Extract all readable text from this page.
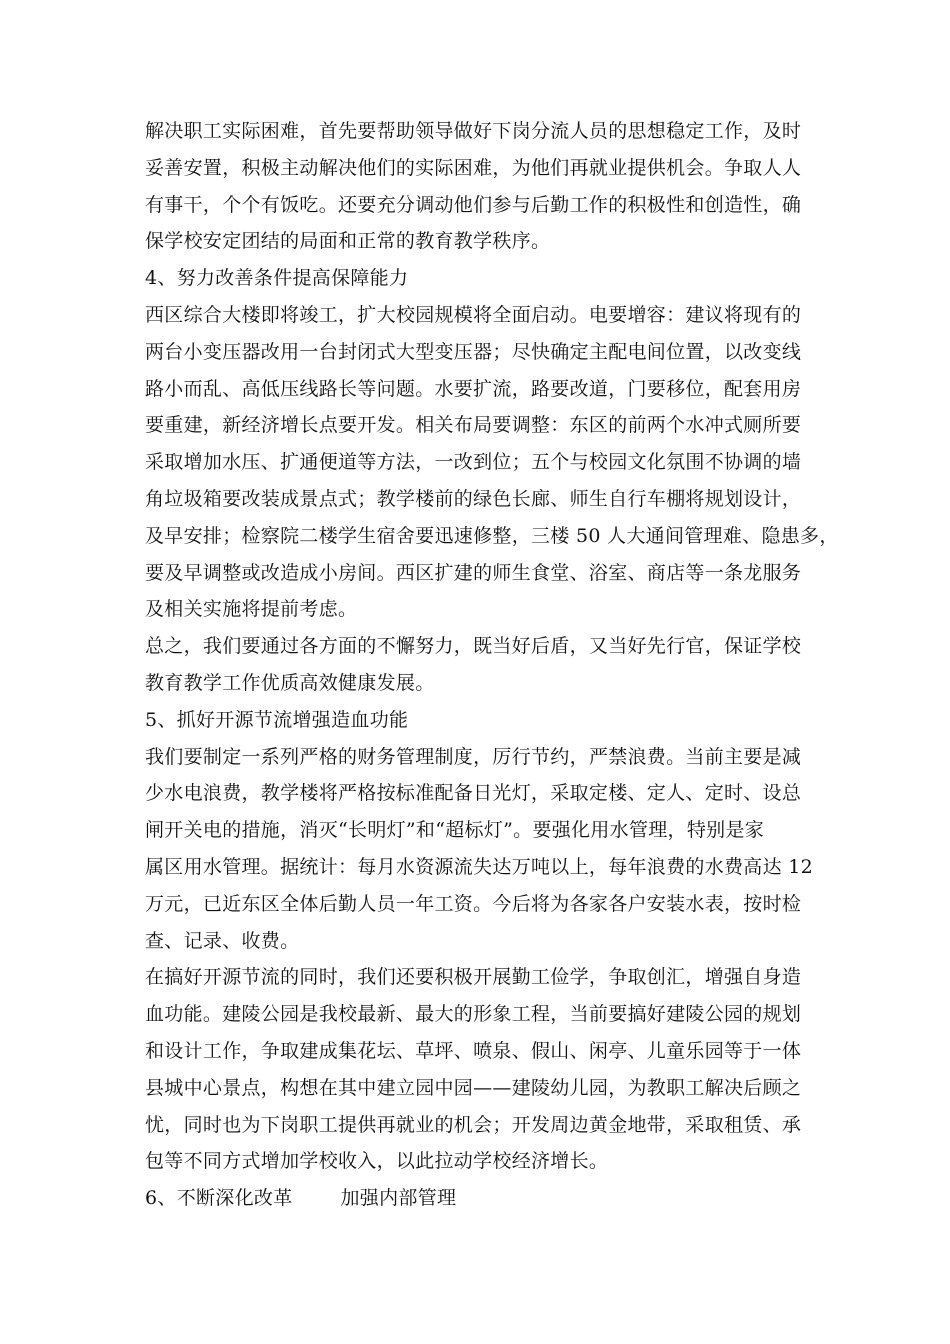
解决职工实际困难，首先要帮助领导做好下岗分流人员的思想稳定工作，及时
妥善安置，积极主动解决他们的实际困难，为他们再就业提供机会。争取人人
有事干，个个有饭吃。还要充分调动他们参与后勤工作的积极性和创造性，确
保学校安定团结的局面和正常的教育教学秩序。
4、努力改善条件提高保障能力
西区综合大楼即将竣工，扩大校园规模将全面启动。电要增容：建议将现有的
两台小变压器改用一台封闭式大型变压器；尽快确定主配电间位置，以改变线
路小而乱、高低压线路长等问题。水要扩流，路要改道，门要移位，配套用房
要重建，新经济增长点要开发。相关布局要调整：东区的前两个水冲式厕所要
采取增加水压、扩通便道等方法，一改到位；五个与校园文化氛围不协调的墙
角垃圾箱要改装成景点式；教学楼前的绿色长廊、师生自行车棚将规划设计，
及早安排；检察院二楼学生宿舍要迅速修整，三楼 50 人大通间管理难、隐患多，
要及早调整或改造成小房间。西区扩建的师生食堂、浴室、商店等一条龙服务
及相关实施将提前考虑。
总之，我们要通过各方面的不懈努力，既当好后盾，又当好先行官，保证学校
教育教学工作优质高效健康发展。
5、抓好开源节流增强造血功能
我们要制定一系列严格的财务管理制度，厉行节约，严禁浪费。当前主要是减
少水电浪费，教学楼将严格按标准配备日光灯，采取定楼、定人、定时、设总
闸开关电的措施，消灭“长明灯”和“超标灯”。要强化用水管理，特别是家
属区用水管理。据统计：每月水资源流失达万吨以上，每年浪费的水费高达 12
万元，已近东区全体后勤人员一年工资。今后将为各家各户安装水表，按时检
查、记录、收费。
在搞好开源节流的同时，我们还要积极开展勤工俭学，争取创汇，增强自身造
血功能。建陵公园是我校最新、最大的形象工程，当前要搞好建陵公园的规划
和设计工作，争取建成集花坛、草坪、喷泉、假山、闲亭、儿童乐园等于一体
县城中心景点，构想在其中建立园中园——建陵幼儿园，为教职工解决后顾之
忧，同时也为下岗职工提供再就业的机会；开发周边黄金地带，采取租赁、承
包等不同方式增加学校收入，以此拉动学校经济增长。
6、不断深化改革	加强内部管理
